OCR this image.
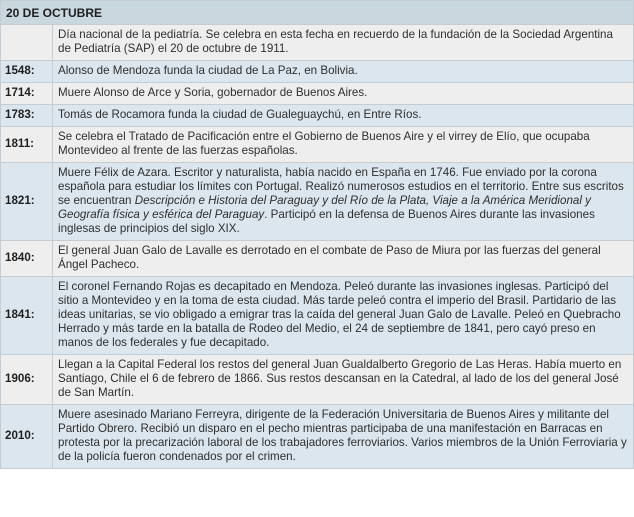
20 DE OCTUBRE	
	Día nacional de la pediatría. Se celebra en esta fecha en recuerdo de la fundación de la Sociedad Argentina de Pediatría (SAP) el 20 de octubre de 1911.
1548:	Alonso de Mendoza funda la ciudad de La Paz, en Bolivia.
1714:	Muere Alonso de Arce y Soria, gobernador de Buenos Aires.
1783:	Tomás de Rocamora funda la ciudad de Gualeguaychú, en Entre Ríos.
1811:	Se celebra el Tratado de Pacificación entre el Gobierno de Buenos Aire y el virrey de Elío, que ocupaba Montevideo al frente de las fuerzas españolas.
1821:	Muere Félix de Azara. Escritor y naturalista, había nacido en España en 1746. Fue enviado por la corona española para estudiar los límites con Portugal. Realizó numerosos estudios en el territorio. Entre sus escritos se encuentran Descripción e Historia del Paraguay y del Río de la Plata, Viaje a la América Meridional y Geografía física y esférica del Paraguay. Participó en la defensa de Buenos Aires durante las invasiones inglesas de principios del siglo XIX.
1840:	El general Juan Galo de Lavalle es derrotado en el combate de Paso de Miura por las fuerzas del general Ángel Pacheco.
1841:	El coronel Fernando Rojas es decapitado en Mendoza. Peleó durante las invasiones inglesas. Participó del sitio a Montevideo y en la toma de esta ciudad. Más tarde peleó contra el imperio del Brasil. Partidario de las ideas unitarias, se vio obligado a emigrar tras la caída del general Juan Galo de Lavalle. Peleó en Quebracho Herrado y más tarde en la batalla de Rodeo del Medio, el 24 de septiembre de 1841, pero cayó preso en manos de los federales y fue decapitado.
1906:	Llegan a la Capital Federal los restos del general Juan Gualdalberto Gregorio de Las Heras. Había muerto en Santiago, Chile el 6 de febrero de 1866. Sus restos descansan en la Catedral, al lado de los del general José de San Martín.
2010:	Muere asesinado Mariano Ferreyra, dirigente de la Federación Universitaria de Buenos Aires y militante del Partido Obrero. Recibió un disparo en el pecho mientras participaba de una manifestación en Barracas en protesta por la precarización laboral de los trabajadores ferroviarios. Varios miembros de la Unión Ferroviaria y de la policía fueron condenados por el crimen.
